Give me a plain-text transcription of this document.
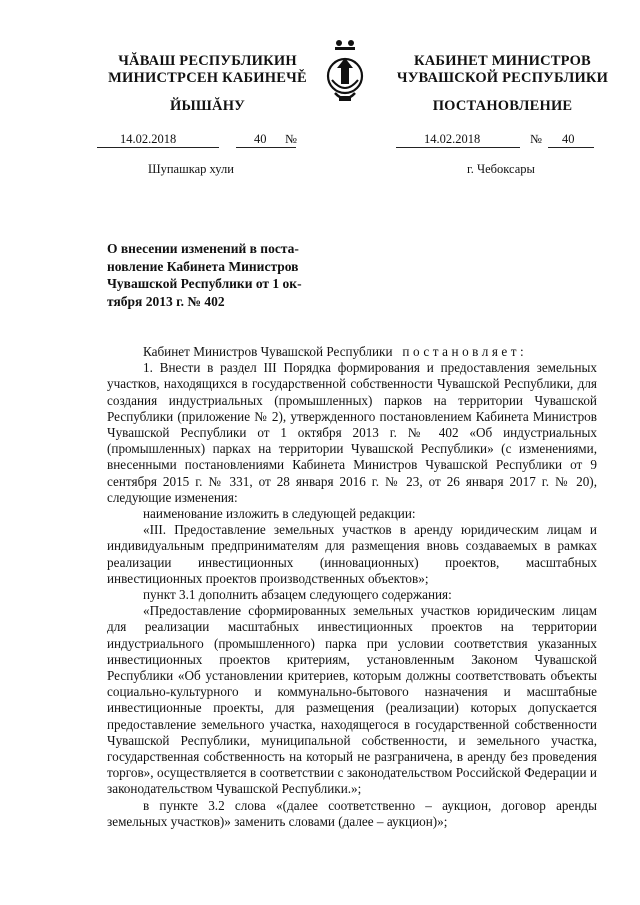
ЧĂВАШ РЕСПУБЛИКИН
МИНИСТРСЕН КАБИНЕЧĚ
ЙЫШĂНУ
КАБИНЕТ МИНИСТРОВ
ЧУВАШСКОЙ РЕСПУБЛИКИ
ПОСТАНОВЛЕНИЕ
14.02.2018	40 №
Шупашкар хули
14.02.2018	№ 40
г. Чебоксары
О внесении изменений в поста-
новление Кабинета Министров
Чувашской Республики от 1 ок-
тября 2013 г. № 402

Кабинет Министров Чувашской Республики постановляет:

1. Внести в раздел III Порядка формирования и предоставления земельных участков, находящихся в государственной собственности Чувашской Республики, для создания индустриальных (промышленных) парков на территории Чувашской Республики (приложение № 2), утвержденного постановлением Кабинета Министров Чувашской Республики от 1 октября 2013 г. № 402 «Об индустриальных (промышленных) парках на территории Чувашской Республики» (с изменениями, внесенными постановлениями Кабинета Министров Чувашской Республики от 9 сентября 2015 г. № 331, от 28 января 2016 г. № 23, от 26 января 2017 г. № 20), следующие изменения:

наименование изложить в следующей редакции:

«III. Предоставление земельных участков в аренду юридическим лицам и индивидуальным предпринимателям для размещения вновь создаваемых в рамках реализации инвестиционных (инновационных) проектов, масштабных инвестиционных проектов производственных объектов»;

пункт 3.1 дополнить абзацем следующего содержания:

«Предоставление сформированных земельных участков юридическим лицам для реализации масштабных инвестиционных проектов на территории индустриального (промышленного) парка при условии соответствия указанных инвестиционных проектов критериям, установленным Законом Чувашской Республики «Об установлении критериев, которым должны соответствовать объекты социально-культурного и коммунально-бытового назначения и масштабные инвестиционные проекты, для размещения (реализации) которых допускается предоставление земельного участка, находящегося в государственной собственности Чувашской Республики, муниципальной собственности, и земельного участка, государственная собственность на который не разграничена, в аренду без проведения торгов», осуществляется в соответствии с законодательством Российской Федерации и законодательством Чувашской Республики.»;

в пункте 3.2 слова «(далее соответственно – аукцион, договор аренды земельных участков)» заменить словами (далее – аукцион)»;
